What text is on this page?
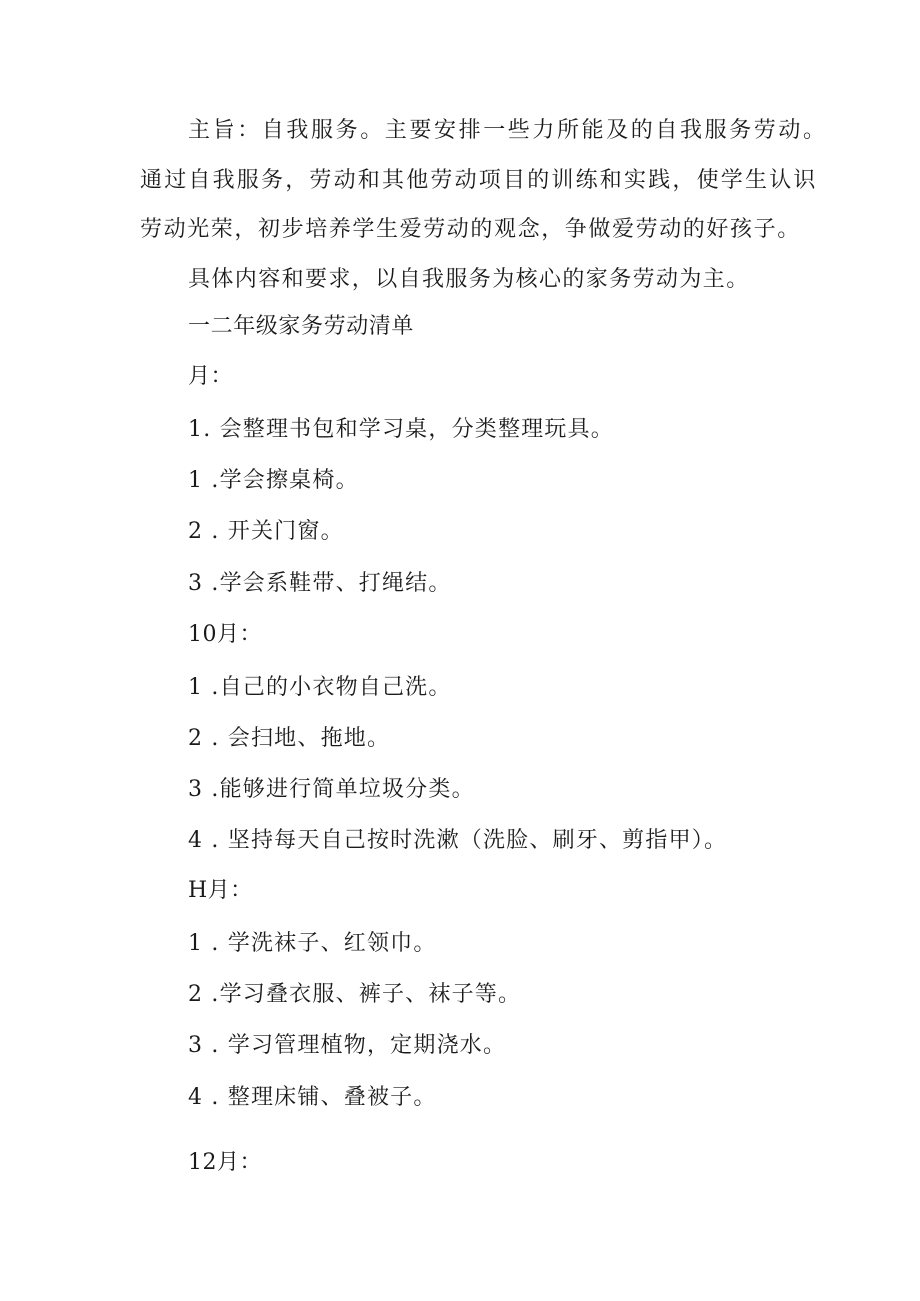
主旨：自我服务。主要安排一些力所能及的自我服务劳动。
通过自我服务，劳动和其他劳动项目的训练和实践，使学生认识
劳动光荣，初步培养学生爱劳动的观念，争做爱劳动的好孩子。
具体内容和要求，以自我服务为核心的家务劳动为主。
一二年级家务劳动清单
月：
1. 会整理书包和学习桌，分类整理玩具。
1 .学会擦桌椅。
2 . 开关门窗。
3 .学会系鞋带、打绳结。
10月：
1 .自己的小衣物自己洗。
2 . 会扫地、拖地。
3 .能够进行简单垃圾分类。
4 . 坚持每天自己按时洗漱（洗脸、刷牙、剪指甲）。
H月：
1 . 学洗袜子、红领巾。
2 .学习叠衣服、裤子、袜子等。
3 . 学习管理植物，定期浇水。
4 . 整理床铺、叠被子。
12月：
